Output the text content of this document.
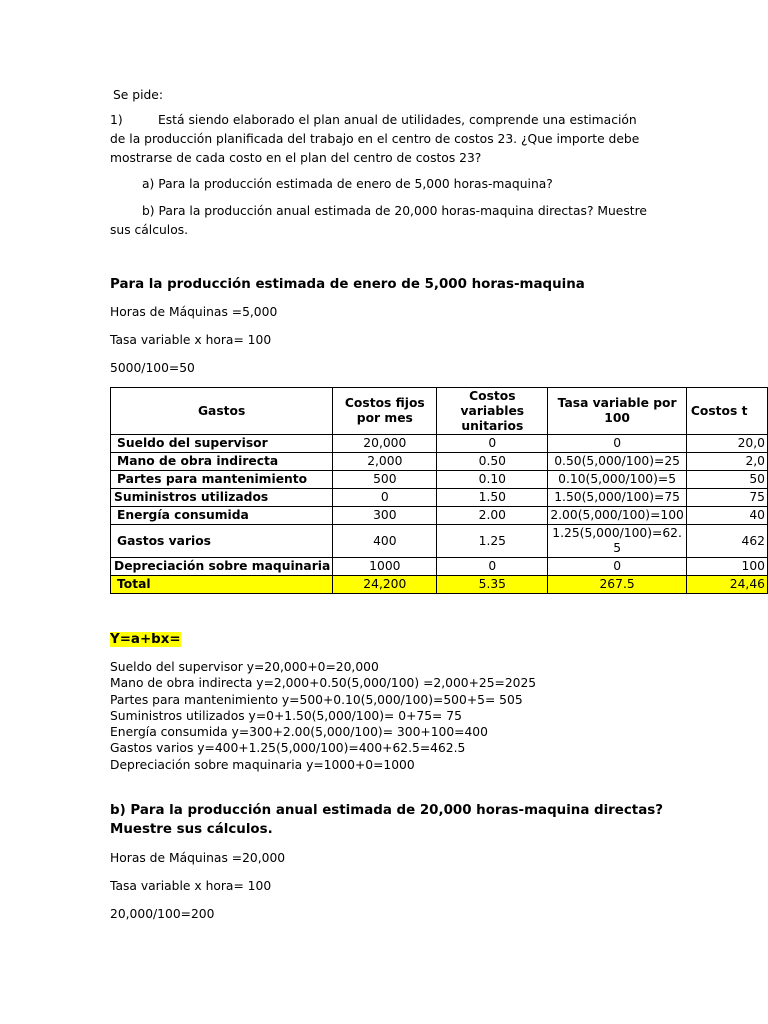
Se pide:
1)	Está siendo elaborado el plan anual de utilidades, comprende una estimación de la producción planificada del trabajo en el centro de costos 23. ¿Que importe debe mostrarse de cada costo en el plan del centro de costos 23?
a) Para la producción estimada de enero de 5,000 horas-maquina?
b) Para la producción anual estimada de 20,000 horas-maquina directas? Muestre sus cálculos.
Para la producción estimada de enero de 5,000 horas-maquina
Horas de Máquinas =5,000
Tasa variable x hora= 100
5000/100=50
Gastos	Costos fijos por mes	Costos variables unitarios	Tasa variable por 100	Costos t
Sueldo del supervisor	20,000	0	0	20,0
Mano de obra indirecta	2,000	0.50	0.50(5,000/100)=25	2,0
Partes para mantenimiento	500	0.10	0.10(5,000/100)=5	50
Suministros utilizados	0	1.50	1.50(5,000/100)=75	75
Energía consumida	300	2.00	2.00(5,000/100)=100	40
Gastos varios	400	1.25	1.25(5,000/100)=62.5	462
Depreciación sobre maquinaria	1000	0	0	100
Total	24,200	5.35	267.5	24,46
Y=a+bx=
Sueldo del supervisor y=20,000+0=20,000
Mano de obra indirecta y=2,000+0.50(5,000/100) =2,000+25=2025
Partes para mantenimiento y=500+0.10(5,000/100)=500+5= 505
Suministros utilizados y=0+1.50(5,000/100)= 0+75= 75
Energía consumida y=300+2.00(5,000/100)= 300+100=400
Gastos varios y=400+1.25(5,000/100)=400+62.5=462.5
Depreciación sobre maquinaria y=1000+0=1000
b) Para la producción anual estimada de 20,000 horas-maquina directas? Muestre sus cálculos.
Horas de Máquinas =20,000
Tasa variable x hora= 100
20,000/100=200
